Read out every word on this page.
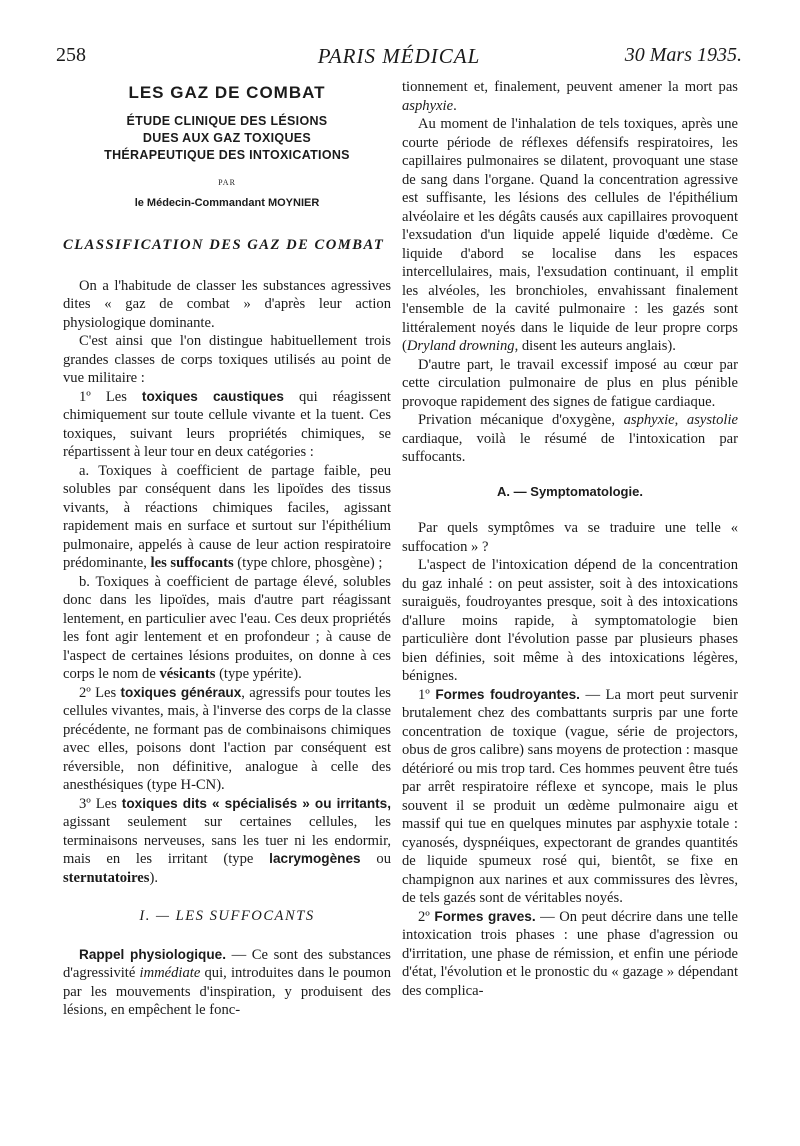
258	PARIS MÉDICAL	30 Mars 1935.
LES GAZ DE COMBAT
ÉTUDE CLINIQUE DES LÉSIONS
DUES AUX GAZ TOXIQUES
THÉRAPEUTIQUE DES INTOXICATIONS
PAR
le Médecin-Commandant MOYNIER
CLASSIFICATION DES GAZ DE COMBAT

On a l'habitude de classer les substances agressives dites « gaz de combat » d'après leur action physiologique dominante.

C'est ainsi que l'on distingue habituellement trois grandes classes de corps toxiques utilisés au point de vue militaire :

1º Les toxiques caustiques qui réagissent chimiquement sur toute cellule vivante et la tuent. Ces toxiques, suivant leurs propriétés chimiques, se répartissent à leur tour en deux catégories :

a. Toxiques à coefficient de partage faible, peu solubles par conséquent dans les lipoïdes des tissus vivants, à réactions chimiques faciles, agissant rapidement mais en surface et surtout sur l'épithélium pulmonaire, appelés à cause de leur action respiratoire prédominante, les suffocants (type chlore, phosgène) ;

b. Toxiques à coefficient de partage élevé, solubles donc dans les lipoïdes, mais d'autre part réagissant lentement, en particulier avec l'eau. Ces deux propriétés les font agir lentement et en profondeur ; à cause de l'aspect de certaines lésions produites, on donne à ces corps le nom de vésicants (type ypérite).

2º Les toxiques généraux, agressifs pour toutes les cellules vivantes, mais, à l'inverse des corps de la classe précédente, ne formant pas de combinaisons chimiques avec elles, poisons dont l'action par conséquent est réversible, non définitive, analogue à celle des anesthésiques (type H-CN).

3º Les toxiques dits « spécialisés » ou irritants, agissant seulement sur certaines cellules, les terminaisons nerveuses, sans les tuer ni les endormir, mais en les irritant (type lacrymogènes ou sternutatoires).

I. — LES SUFFOCANTS

Rappel physiologique. — Ce sont des substances d'agressivité immédiate qui, introduites dans le poumon par les mouvements d'inspiration, y produisent des lésions, en empêchent le fonc-

tionnement et, finalement, peuvent amener la mort pas asphyxie.

Au moment de l'inhalation de tels toxiques, après une courte période de réflexes défensifs respiratoires, les capillaires pulmonaires se dilatent, provoquant une stase de sang dans l'organe. Quand la concentration agressive est suffisante, les lésions des cellules de l'épithélium alvéolaire et les dégâts causés aux capillaires provoquent l'exsudation d'un liquide appelé liquide d'œdème. Ce liquide d'abord se localise dans les espaces intercellulaires, mais, l'exsudation continuant, il emplit les alvéoles, les bronchioles, envahissant finalement l'ensemble de la cavité pulmonaire : les gazés sont littéralement noyés dans le liquide de leur propre corps (Dryland drowning, disent les auteurs anglais).

D'autre part, le travail excessif imposé au cœur par cette circulation pulmonaire de plus en plus pénible provoque rapidement des signes de fatigue cardiaque.

Privation mécanique d'oxygène, asphyxie, asystolie cardiaque, voilà le résumé de l'intoxication par suffocants.

A. — Symptomatologie.

Par quels symptômes va se traduire une telle « suffocation » ?

L'aspect de l'intoxication dépend de la concentration du gaz inhalé : on peut assister, soit à des intoxications suraiguës, foudroyantes presque, soit à des intoxications d'allure moins rapide, à symptomatologie bien particulière dont l'évolution passe par plusieurs phases bien définies, soit même à des intoxications légères, bénignes.

1º Formes foudroyantes. — La mort peut survenir brutalement chez des combattants surpris par une forte concentration de toxique (vague, série de projectors, obus de gros calibre) sans moyens de protection : masque détérioré ou mis trop tard. Ces hommes peuvent être tués par arrêt respiratoire réflexe et syncope, mais le plus souvent il se produit un œdème pulmonaire aigu et massif qui tue en quelques minutes par asphyxie totale : cyanosés, dyspnéiques, expectorant de grandes quantités de liquide spumeux rosé qui, bientôt, se fixe en champignon aux narines et aux commissures des lèvres, de tels gazés sont de véritables noyés.

2º Formes graves. — On peut décrire dans une telle intoxication trois phases : une phase d'agression ou d'irritation, une phase de rémission, et enfin une période d'état, l'évolution et le pronostic du « gazage » dépendant des complica-
